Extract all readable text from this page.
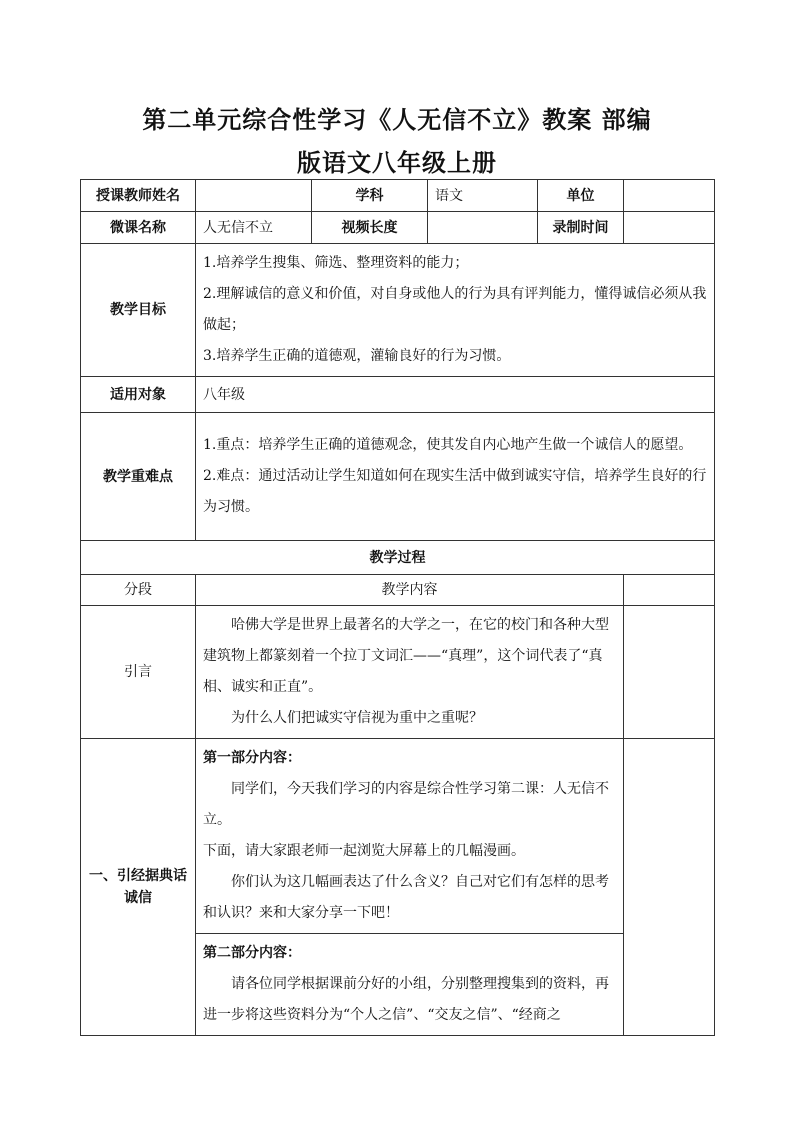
第二单元综合性学习《人无信不立》教案 部编
版语文八年级上册
授课教师姓名		学科	语文	单位	
微课名称	人无信不立	视频长度		录制时间	
教学目标	1.培养学生搜集、筛选、整理资料的能力；

2.理解诚信的意义和价值，对自身或他人的行为具有评判能力，懂得诚信必须从我做起；

3.培养学生正确的道德观，灌输良好的行为习惯。				

适用对象	八年级				
教学重难点	1.重点：培养学生正确的道德观念，使其发自内心地产生做一个诚信人的愿望。

2.难点：通过活动让学生知道如何在现实生活中做到诚实守信，培养学生良好的行为习惯。				

教学过程					
分段	教学内容				
引言	哈佛大学是世界上最著名的大学之一，在它的校门和各种大型建筑物上都篆刻着一个拉丁文词汇——“真理”，这个词代表了“真相、诚实和正直”。

为什么人们把诚实守信视为重中之重呢？				

一、引经据典话诚信	第一部分内容：

同学们，今天我们学习的内容是综合性学习第二课：人无信不立。

下面，请大家跟老师一起浏览大屏幕上的几幅漫画。

你们认为这几幅画表达了什么含义？自己对它们有怎样的思考和认识？来和大家分享一下吧！				

	第二部分内容：

请各位同学根据课前分好的小组，分别整理搜集到的资料，再进一步将这些资料分为“个人之信”、“交友之信”、“经商之				
